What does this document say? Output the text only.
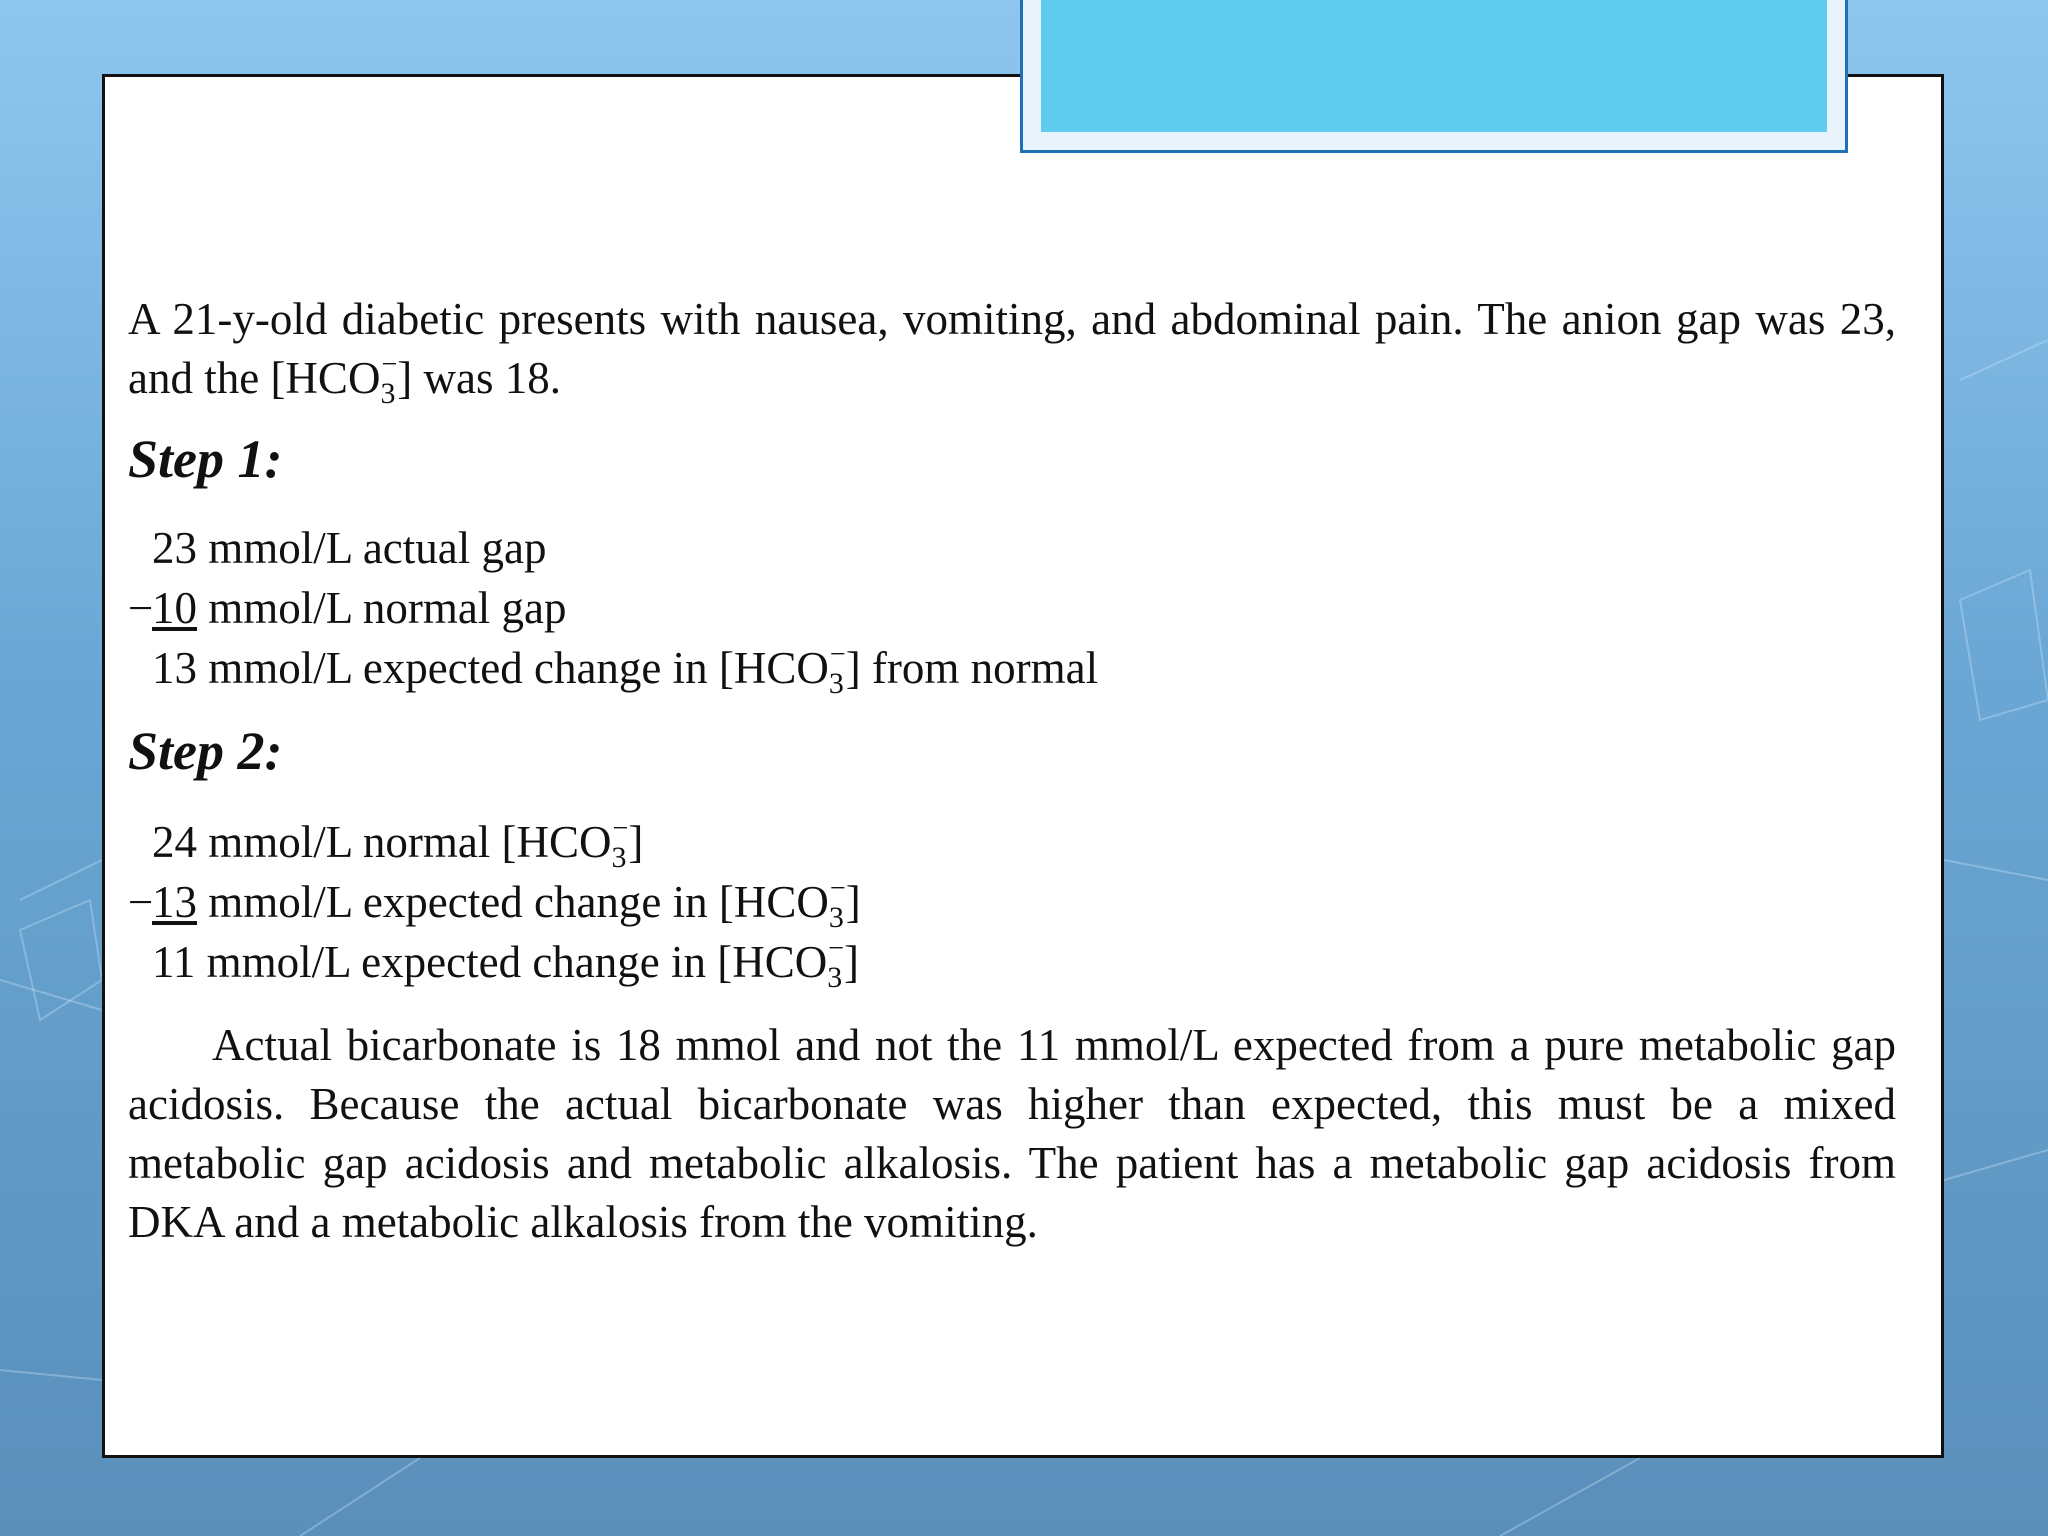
A 21-y-old diabetic presents with nausea, vomiting, and abdominal pain. The anion gap was 23, and the $[HCO_3^-]$ was 18.

Step 1:

23 mmol/L actual gap

−10 mmol/L normal gap

13 mmol/L expected change in $[HCO_3^-]$ from normal

Step 2:

24 mmol/L normal $[HCO_3^-]$

−13 mmol/L expected change in $[HCO_3^-]$

11 mmol/L expected change in $[HCO_3^-]$

Actual bicarbonate is 18 mmol and not the 11 mmol/L expected from a pure metabolic gap acidosis. Because the actual bicarbonate was higher than expected, this must be a mixed metabolic gap acidosis and metabolic alkalosis. The patient has a metabolic gap acidosis from DKA and a metabolic alkalosis from the vomiting.
